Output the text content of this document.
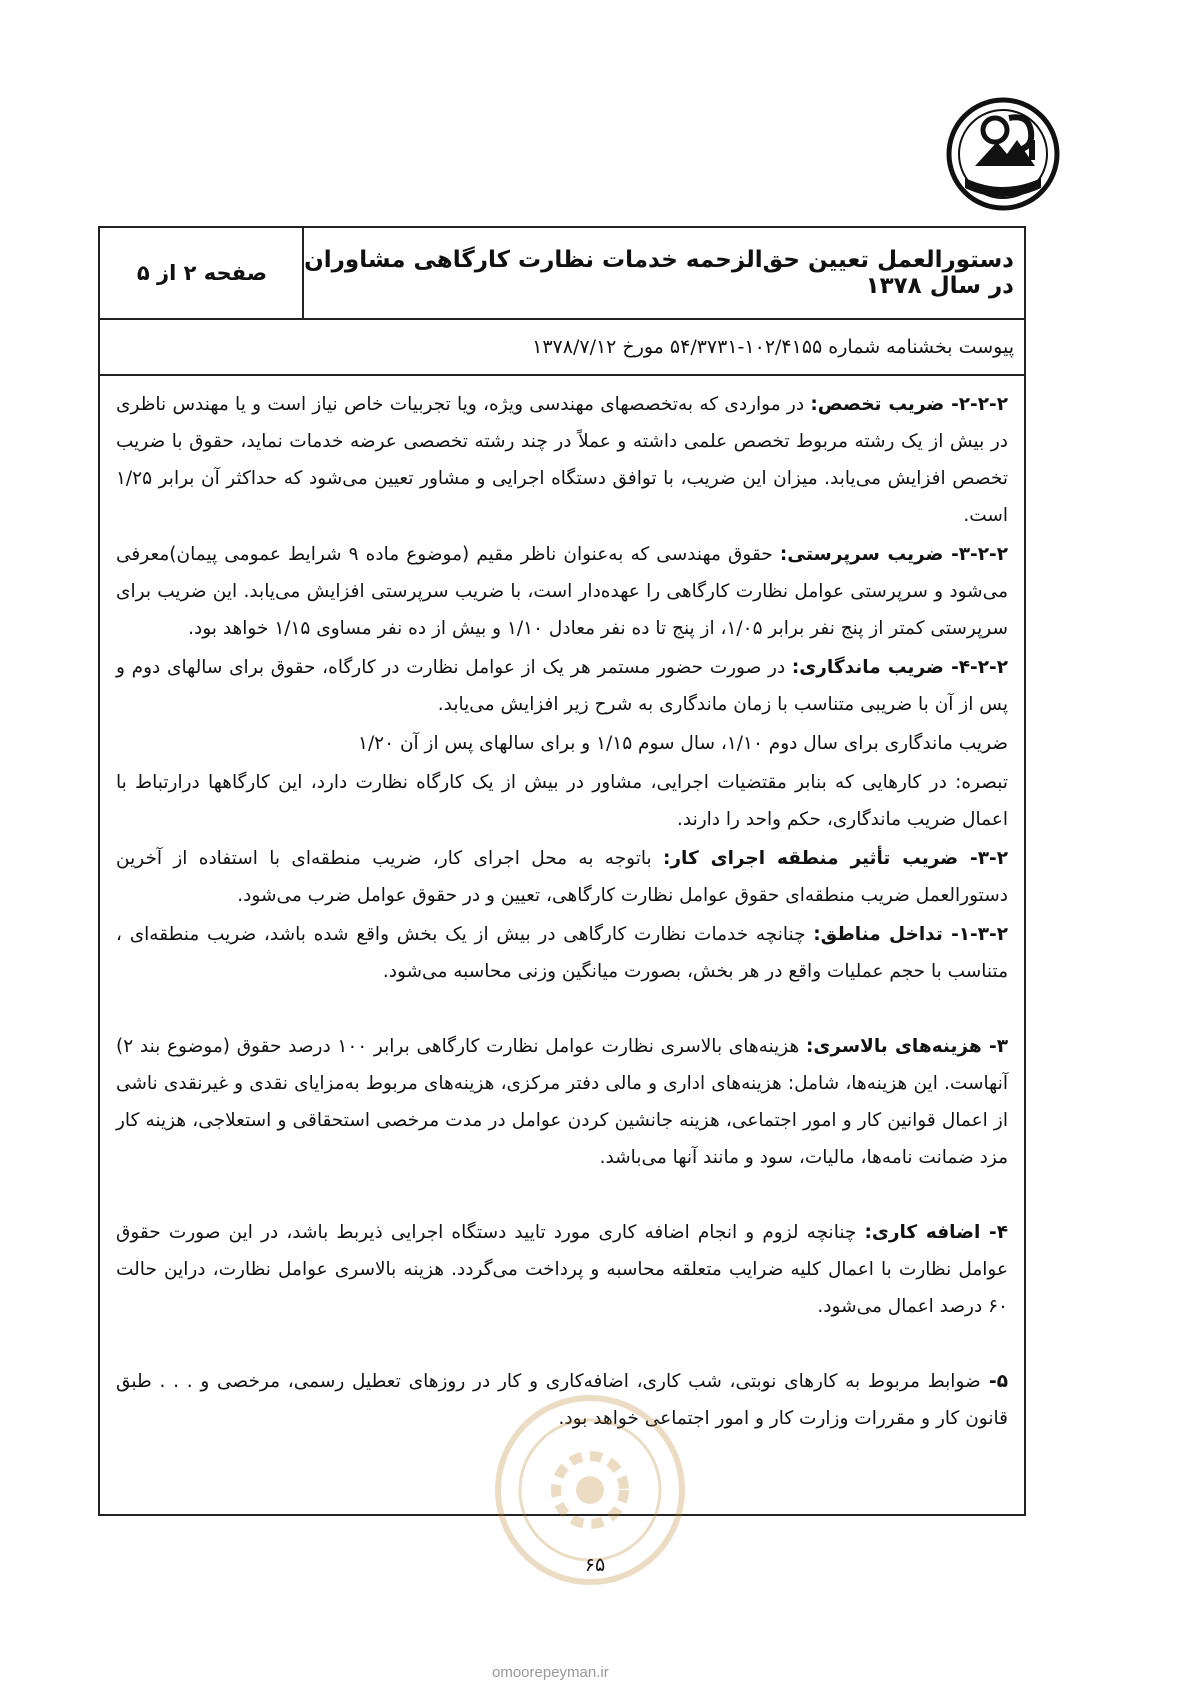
دستورالعمل تعیین حق‌الزحمه خدمات نظارت کارگاهی مشاوران در سال ۱۳۷۸
صفحه ۲ از ۵
پیوست بخشنامه شماره ۱۰۲/۴۱۵۵-۵۴/۳۷۳۱ مورخ ۱۳۷۸/۷/۱۲

۲-۲-۲- ضریب تخصص: در مواردی که به‌تخصصهای مهندسی ویژه، ویا تجربیات خاص نیاز است و یا مهندس ناظری در بیش از یک رشته مربوط تخصص علمی داشته و عملاً در چند رشته تخصصی عرضه خدمات نماید، حقوق با ضریب تخصص افزایش می‌یابد. میزان این ضریب، با توافق دستگاه اجرایی و مشاور تعیین می‌شود که حداکثر آن برابر ۱/۲۵ است.

۳-۲-۲- ضریب سرپرستی: حقوق مهندسی که به‌عنوان ناظر مقیم (موضوع ماده ۹ شرایط عمومی پیمان)معرفی می‌شود و سرپرستی عوامل نظارت کارگاهی را عهده‌دار است، با ضریب سرپرستی افزایش می‌یابد. این ضریب برای سرپرستی کمتر از پنج نفر برابر ۱/۰۵، از پنج تا ده نفر معادل ۱/۱۰ و بیش از ده نفر مساوی ۱/۱۵ خواهد بود.

۴-۲-۲- ضریب ماندگاری: در صورت حضور مستمر هر یک از عوامل نظارت در کارگاه، حقوق برای سالهای دوم و پس از آن با ضریبی متناسب با زمان ماندگاری به شرح زیر افزایش می‌یابد.

ضریب ماندگاری برای سال دوم ۱/۱۰، سال سوم ۱/۱۵ و برای سالهای پس از آن ۱/۲۰

تبصره: در کارهایی که بنابر مقتضیات اجرایی، مشاور در بیش از یک کارگاه نظارت دارد، این کارگاهها درارتباط با اعمال ضریب ماندگاری، حکم واحد را دارند.

۳-۲- ضریب تأثیر منطقه اجرای کار: باتوجه به محل اجرای کار، ضریب منطقه‌ای با استفاده از آخرین دستورالعمل ضریب منطقه‌ای حقوق عوامل نظارت کارگاهی، تعیین و در حقوق عوامل ضرب می‌شود.

۱-۳-۲- تداخل مناطق: چنانچه خدمات نظارت کارگاهی در بیش از یک بخش واقع شده باشد، ضریب منطقه‌ای ، متناسب با حجم عملیات واقع در هر بخش، بصورت میانگین وزنی محاسبه می‌شود.

۳- هزینه‌های بالاسری: هزینه‌های بالاسری نظارت عوامل نظارت کارگاهی برابر ۱۰۰ درصد حقوق (موضوع بند ۲) آنهاست. این هزینه‌ها، شامل: هزینه‌های اداری و مالی دفتر مرکزی، هزینه‌های مربوط به‌مزایای نقدی و غیرنقدی ناشی از اعمال قوانین کار و امور اجتماعی، هزینه جانشین کردن عوامل در مدت مرخصی استحقاقی و استعلاجی، هزینه کار مزد ضمانت نامه‌ها، مالیات، سود و مانند آنها می‌باشد.

۴- اضافه کاری: چنانچه لزوم و انجام اضافه کاری مورد تایید دستگاه اجرایی ذیربط باشد، در این صورت حقوق عوامل نظارت با اعمال کلیه ضرایب متعلقه محاسبه و پرداخت می‌گردد. هزینه بالاسری عوامل نظارت، دراین حالت ۶۰ درصد اعمال می‌شود.

۵- ضوابط مربوط به کارهای نوبتی، شب کاری، اضافه‌کاری و کار در روزهای تعطیل رسمی، مرخصی و . . . طبق قانون کار و مقررات وزارت کار و امور اجتماعی خواهد بود.

۶۵
omoorepeyman.ir
